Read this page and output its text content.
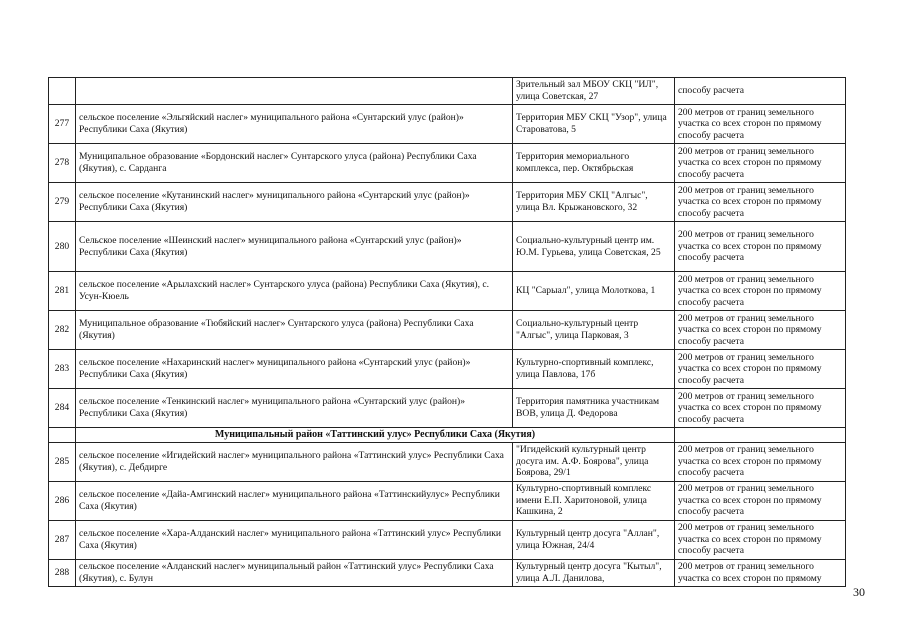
		Зрительный зал МБОУ СКЦ "ИЛ", улица Советская, 27	способу расчета
277	сельское поселение «Эльгяйский наслег» муниципального района «Сунтарский улус (район)» Республики Саха (Якутия)	Территория МБУ СКЦ "Узор", улица Староватова, 5	200 метров от границ земельного участка со всех сторон по прямому способу расчета
278	Муниципальное образование «Бордонский наслег» Сунтарского улуса (района) Республики Саха (Якутия), с. Сарданга	Территория мемориального комплекса, пер. Октябрьская	200 метров от границ земельного участка со всех сторон по прямому способу расчета
279	сельское поселение «Кутанинский наслег» муниципального района «Сунтарский улус (район)» Республики Саха (Якутия)	Территория МБУ СКЦ "Алгыс", улица Вл. Крыжановского, 32	200 метров от границ земельного участка со всех сторон по прямому способу расчета
280	Сельское поселение «Шеинский наслег» муниципального района «Сунтарский улус (район)» Республики Саха (Якутия)	Социально-культурный центр им. Ю.М. Гурьева, улица Советская, 25	200 метров от границ земельного участка со всех сторон по прямому способу расчета
281	сельское поселение «Арылахский наслег» Сунтарского улуса (района) Республики Саха (Якутия), с. Усун-Кюель	КЦ "Сарыал", улица Молоткова, 1	200 метров от границ земельного участка со всех сторон по прямому способу расчета
282	Муниципальное образование «Тюбяйский наслег» Сунтарского улуса (района) Республики Саха (Якутия)	Социально-культурный центр "Алгыс", улица Парковая, 3	200 метров от границ земельного участка со всех сторон по прямому способу расчета
283	сельское поселение «Нахаринский наслег» муниципального района «Сунтарский улус (район)» Республики Саха (Якутия)	Культурно-спортивный комплекс, улица Павлова, 17б	200 метров от границ земельного участка со всех сторон по прямому способу расчета
284	сельское поселение «Тенкинский наслег» муниципального района «Сунтарский улус (район)» Республики Саха (Якутия)	Территория памятника участникам ВОВ, улица Д. Федорова	200 метров от границ земельного участка со всех сторон по прямому способу расчета
	Муниципальный район «Таттинский улус» Республики Саха (Якутия)		
285	сельское поселение «Игидейский наслег» муниципального района «Таттинский улус» Республики Саха (Якутия), с. Дебдирге	"Игидейский культурный центр досуга им. А.Ф. Боярова", улица Боярова, 29/1	200 метров от границ земельного участка со всех сторон по прямому способу расчета
286	сельское поселение «Дайа-Амгинский наслег» муниципального района «Таттинскийулус» Республики Саха (Якутия)	Культурно-спортивный комплекс имени Е.П. Харитоновой, улица Кашкина, 2	200 метров от границ земельного участка со всех сторон по прямому способу расчета
287	сельское поселение «Хара-Алданский наслег» муниципального района «Таттинский улус» Республики Саха (Якутия)	Культурный центр досуга "Аллан", улица Южная, 24/4	200 метров от границ земельного участка со всех сторон по прямому способу расчета
288	сельское поселение «Алданский наслег» муниципальный район «Таттинский улус» Республики Саха (Якутия), с. Булун	Культурный центр досуга "Кытыл", улица А.Л. Данилова,	200 метров от границ земельного участка со всех сторон по прямому
30
